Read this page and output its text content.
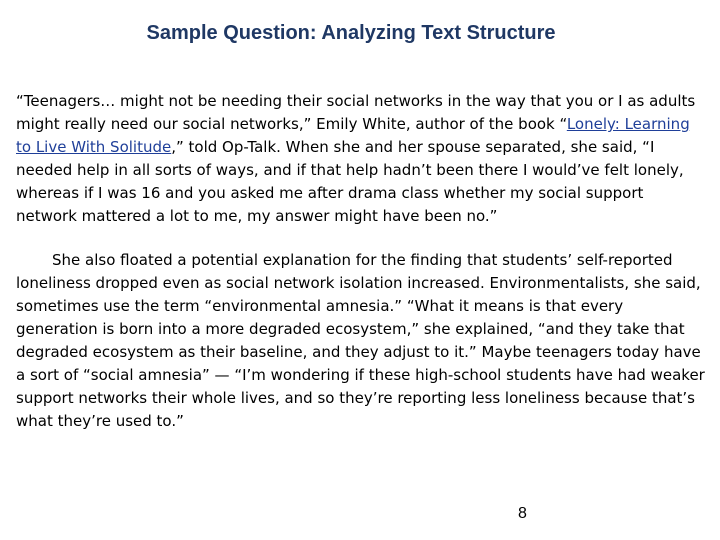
Sample Question: Analyzing Text Structure

“Teenagers… might not be needing their social networks in the way that you or I as adults might really need our social networks,” Emily White, author of the book “Lonely: Learning to Live With Solitude,” told Op-Talk. When she and her spouse separated, she said, “I needed help in all sorts of ways, and if that help hadn’t been there I would’ve felt lonely, whereas if I was 16 and you asked me after drama class whether my social support network mattered a lot to me, my answer might have been no.”

She also floated a potential explanation for the finding that students’ self-reported loneliness dropped even as social network isolation increased. Environmentalists, she said, sometimes use the term “environmental amnesia.” “What it means is that every generation is born into a more degraded ecosystem,” she explained, “and they take that degraded ecosystem as their baseline, and they adjust to it.” Maybe teenagers today have a sort of “social amnesia” — “I’m wondering if these high-school students have had weaker support networks their whole lives, and so they’re reporting less loneliness because that’s what they’re used to.”

8
